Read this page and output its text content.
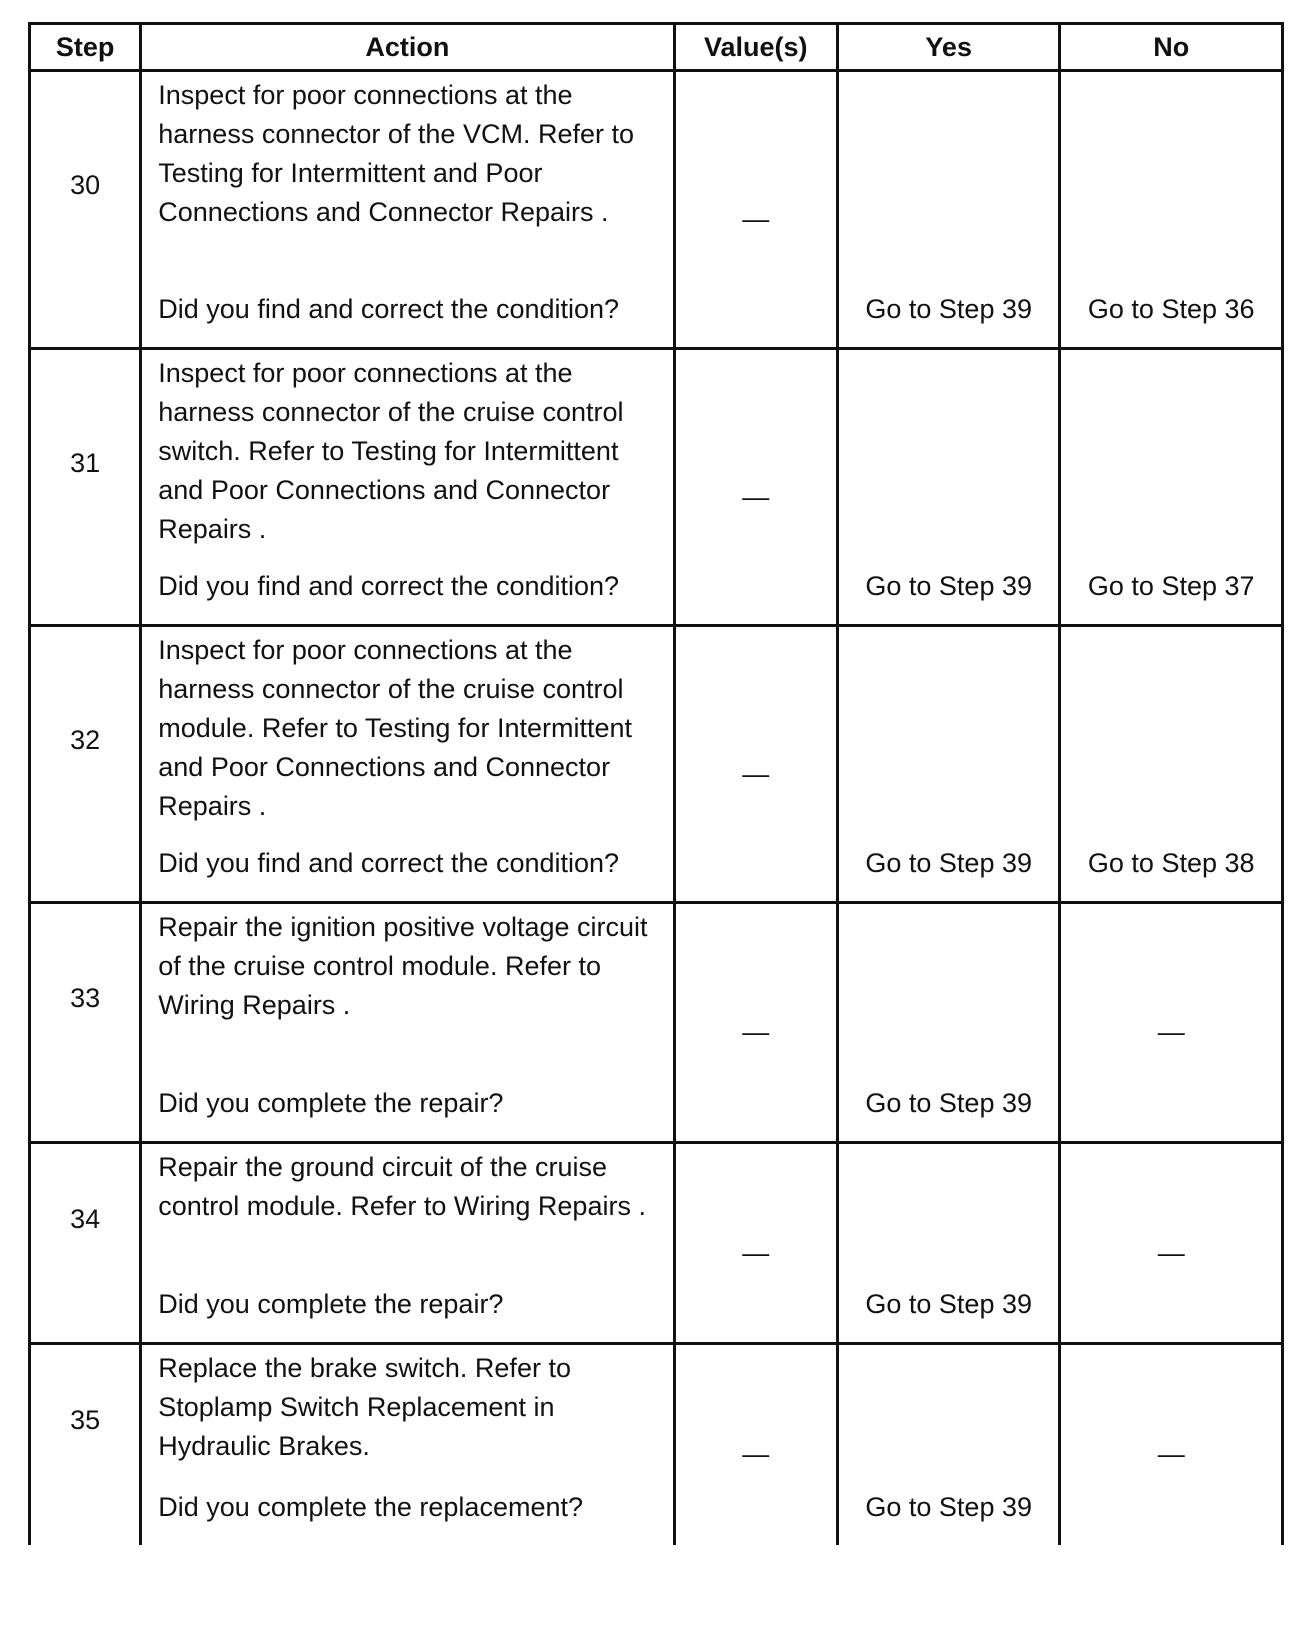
Step	Action	Value(s)	Yes	No
30	Inspect for poor connections at the harness connector of the VCM. Refer to Testing for Intermittent and Poor Connections and Connector Repairs .
Did you find and correct the condition?	—	Go to Step 39	Go to Step 36

31	Inspect for poor connections at the harness connector of the cruise control switch. Refer to Testing for Intermittent and Poor Connections and Connector Repairs .
Did you find and correct the condition?	—	Go to Step 39	Go to Step 37

32	Inspect for poor connections at the harness connector of the cruise control module. Refer to Testing for Intermittent and Poor Connections and Connector Repairs .
Did you find and correct the condition?	—	Go to Step 39	Go to Step 38

33	Repair the ignition positive voltage circuit of the cruise control module. Refer to Wiring Repairs .
Did you complete the repair?	—	Go to Step 39	—
34	Repair the ground circuit of the cruise control module. Refer to Wiring Repairs .
Did you complete the repair?	—	Go to Step 39	—
35	Replace the brake switch. Refer to Stoplamp Switch Replacement in Hydraulic Brakes.
Did you complete the replacement?	—	Go to Step 39	—
